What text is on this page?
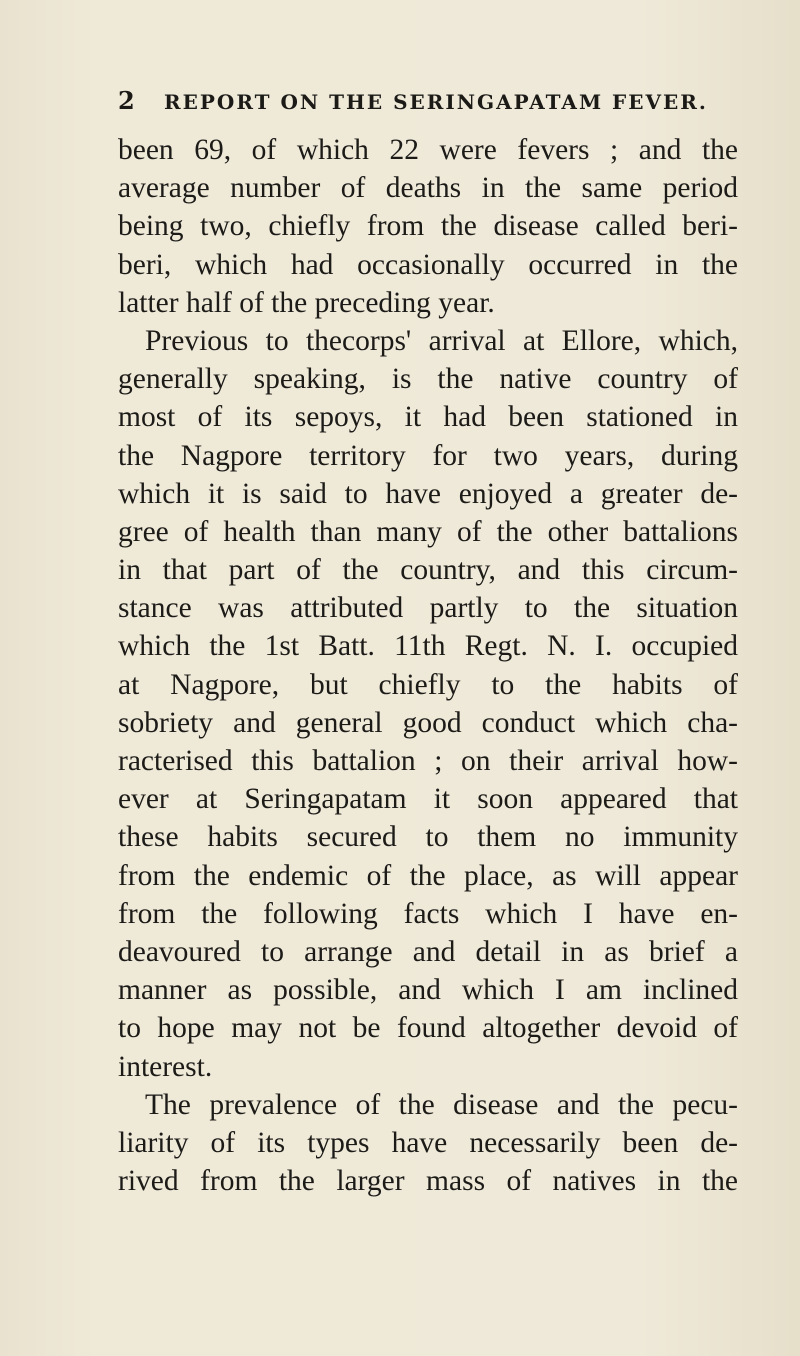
2 REPORT ON THE SERINGAPATAM FEVER.
been 69, of which 22 were fevers ; and the
average number of deaths in the same period
being two, chiefly from the disease called beri-
beri, which had occasionally occurred in the
latter half of the preceding year.
Previous to thecorps' arrival at Ellore, which,
generally speaking, is the native country of
most of its sepoys, it had been stationed in
the Nagpore territory for two years, during
which it is said to have enjoyed a greater de-
gree of health than many of the other battalions
in that part of the country, and this circum-
stance was attributed partly to the situation
which the 1st Batt. 11th Regt. N. I. occupied
at Nagpore, but chiefly to the habits of
sobriety and general good conduct which cha-
racterised this battalion ; on their arrival how-
ever at Seringapatam it soon appeared that
these habits secured to them no immunity
from the endemic of the place, as will appear
from the following facts which I have en-
deavoured to arrange and detail in as brief a
manner as possible, and which I am inclined
to hope may not be found altogether devoid of
interest.
The prevalence of the disease and the pecu-
liarity of its types have necessarily been de-
rived from the larger mass of natives in the
